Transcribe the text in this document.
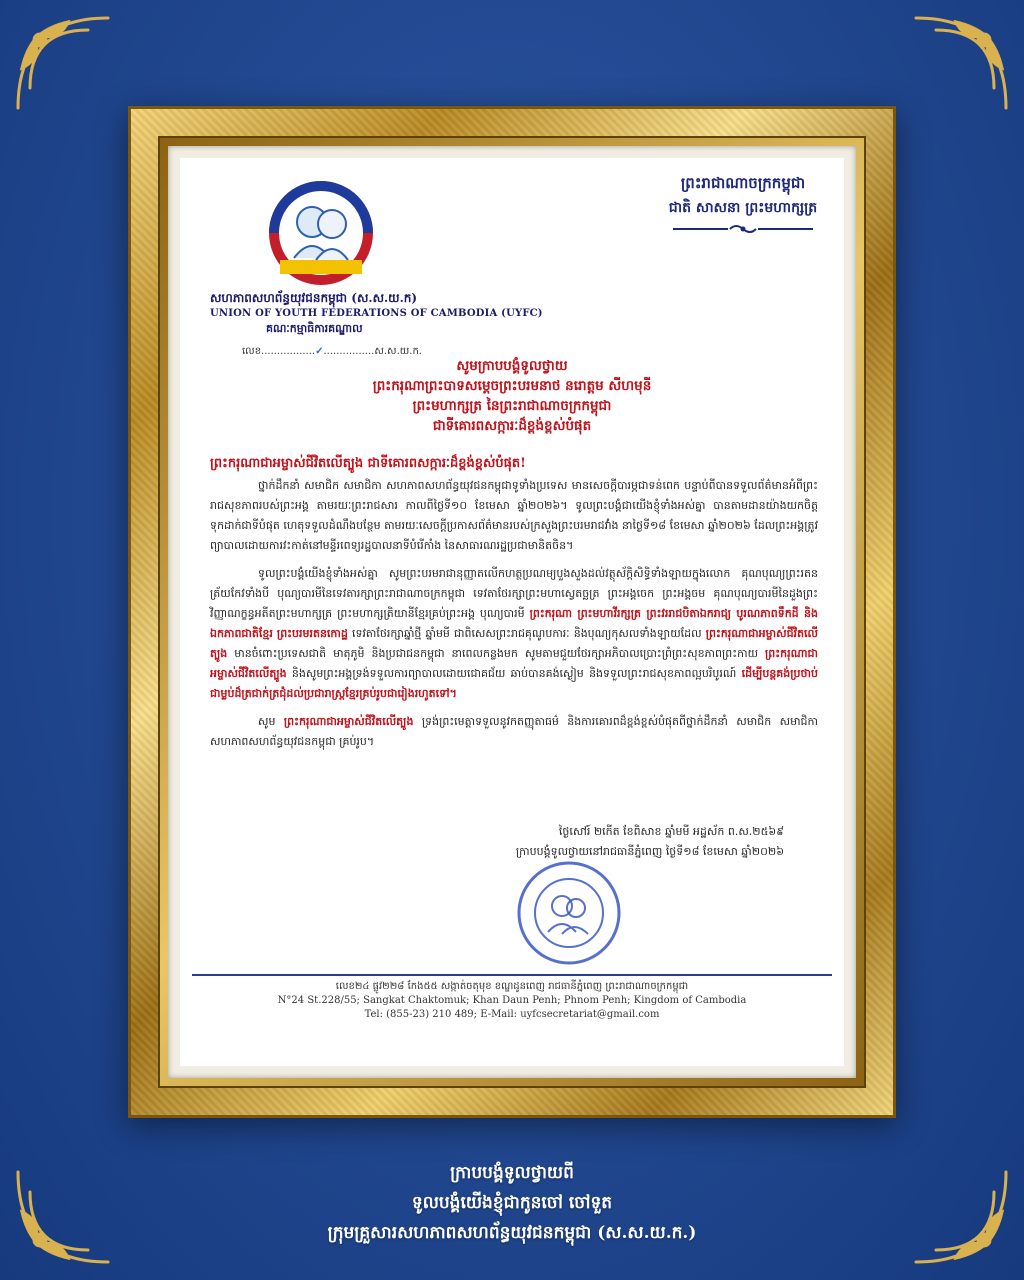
ព្រះរាជាណាចក្រកម្ពុជា
ជាតិ សាសនា ព្រះមហាក្សត្រ
សហភាពសហព័ន្ធយុវជនកម្ពុជា (ស.ស.យ.ក)
UNION OF YOUTH FEDERATIONS OF CAMBODIA (UYFC)
គណៈកម្មាធិការគណ្ឌាល
លេខ.................✓................ស.ស.យ.ក.
សូមក្រាបបង្គំទូលថ្វាយ
ព្រះករុណាព្រះបាទសម្ដេចព្រះបរមនាថ នរោត្តម សីហមុនី
ព្រះមហាក្សត្រ នៃព្រះរាជាណាចក្រកម្ពុជា
ជាទីគោរពសក្ការៈដ៏ខ្ពង់ខ្ពស់បំផុត
ព្រះករុណាជាអម្ចាស់ជីវិតលើត្បូង ជាទីគោរពសក្ការៈដ៏ខ្ពង់ខ្ពស់បំផុត!

ថ្នាក់ដឹកនាំ សមាជិក សមាជិកា សហភាពសហព័ន្ធយុវជនកម្ពុជាទូទាំងប្រទេស មានសេចក្ដីបារម្ភជាទន់ពេក បន្ទាប់ពីបានទទួលព័ត៌មានអំពីព្រះរាជសុខភាពរបស់ព្រះអង្គ តាមរយៈព្រះរាជសារ កាលពីថ្ងៃទី១០ ខែមេសា ឆ្នាំ២០២៦។ ទូលព្រះបង្គំជាយើងខ្ញុំទាំងអស់គ្នា បានតាមដានយ៉ាងយកចិត្តទុកដាក់ជាទីបំផុត ហេតុទទួលដំណឹងបន្ថែម តាមរយៈសេចក្ដីប្រកាសព័ត៌មានរបស់ក្រសួងព្រះបរមរាជវាំង នាថ្ងៃទី១៨ ខែមេសា ឆ្នាំ២០២៦ ដែលព្រះអង្គត្រូវព្យាបាលដោយការវះកាត់នៅមន្ទីរពេទ្យរដ្ឋបាលនាទីបំរើកាំង នៃសាធារណរដ្ឋប្រជាមានិតចិន។

ទូលព្រះបង្គំយើងខ្ញុំទាំងអស់គ្នា សូមព្រះបរមរាជានុញ្ញាតលើកហត្ថប្រណម្យបួងសួងដល់វត្ថុស័ក្ដិសិទ្ធិទាំងឡាយក្នុងលោក គុណបុណ្យព្រះរតនត្រ័យកែវទាំងបី បុណ្យបារមីនៃទេវតារក្សាព្រះរាជាណាចក្រកម្ពុជា ទេវតាថែរក្សាព្រះមហាស្វេតច្ឆត្រ ព្រះអង្គចេក ព្រះអង្គចម គុណបុណ្យបារមីនៃដួងព្រះវិញ្ញាណក្ខន្ធអតីតព្រះមហាក្សត្រ ព្រះមហាក្សត្រិយានីខ្មែរគ្រប់ព្រះអង្គ បុណ្យបារមី ព្រះករុណា ព្រះមហាវីរក្សត្រ ព្រះវររាជបិតាឯករាជ្យ បូរណភាពទឹកដី និងឯកភាពជាតិខ្មែរ ព្រះបរមរតនកោដ្ឋ ទេវតាថែរក្សាឆ្នាំថ្មី ឆ្នាំមមី ជាពិសេសព្រះរាជគុណូបការៈ និងបុណ្យកុសលទាំងឡាយដែល ព្រះករុណាជាអម្ចាស់ជីវិតលើត្បូង មានចំពោះប្រទេសជាតិ មាតុភូមិ និងប្រជាជនកម្ពុជា នាពេលកន្លងមក សូមតាមជួយថែរក្សាអភិបាលប្រោះព្រំព្រះសុខភាពព្រះកាយ ព្រះករុណាជាអម្ចាស់ជីវិតលើត្បូង និងសូមព្រះអង្គទ្រង់ទទួលការព្យាបាលដោយជោគជ័យ ឆាប់បានគង់ស្ងៀម និងទទួលព្រះរាជសុខភាពល្អបរិបូរណ៍ ដើម្បីបន្តគង់ប្រថាប់ជាម្លប់ដ៏ត្រជាក់ត្រជុំដល់ប្រជារាស្ត្រខ្មែរគ្រប់រូបជារៀងរហូតទៅ។

សូម ព្រះករុណាជាអម្ចាស់ជីវិតលើត្បូង ទ្រង់ព្រះមេត្តាទទួលនូវកតញ្ញុតាធម៌ និងការគោរពដ៏ខ្ពង់ខ្ពស់បំផុតពីថ្នាក់ដឹកនាំ សមាជិក សមាជិកា សហភាពសហព័ន្ធយុវជនកម្ពុជា គ្រប់រូប។

ថ្ងៃសៅរ៍ ២កើត ខែពិសាខ ឆ្នាំមមី អដ្ឋស័ក ព.ស.២៥៦៩
ក្រាបបង្គំទូលថ្វាយនៅរាជធានីភ្នំពេញ ថ្ងៃទី១៨ ខែមេសា ឆ្នាំ២០២៦
លេខ២៤ ផ្លូវ២២៨ កែង៥៥ សង្កាត់ចតុមុខ ខណ្ឌដូនពេញ រាជធានីភ្នំពេញ ព្រះរាជាណាចក្រកម្ពុជា
N°24 St.228/55; Sangkat Chaktomuk; Khan Daun Penh; Phnom Penh; Kingdom of Cambodia
Tel: (855-23) 210 489; E-Mail: uyfcsecretariat@gmail.com
ក្រាបបង្គំទូលថ្វាយពី
ទូលបង្គំយើងខ្ញុំជាកូនចៅ ចៅទួត
ក្រុមគ្រួសារសហភាពសហព័ន្ធយុវជនកម្ពុជា (ស.ស.យ.ក.)
